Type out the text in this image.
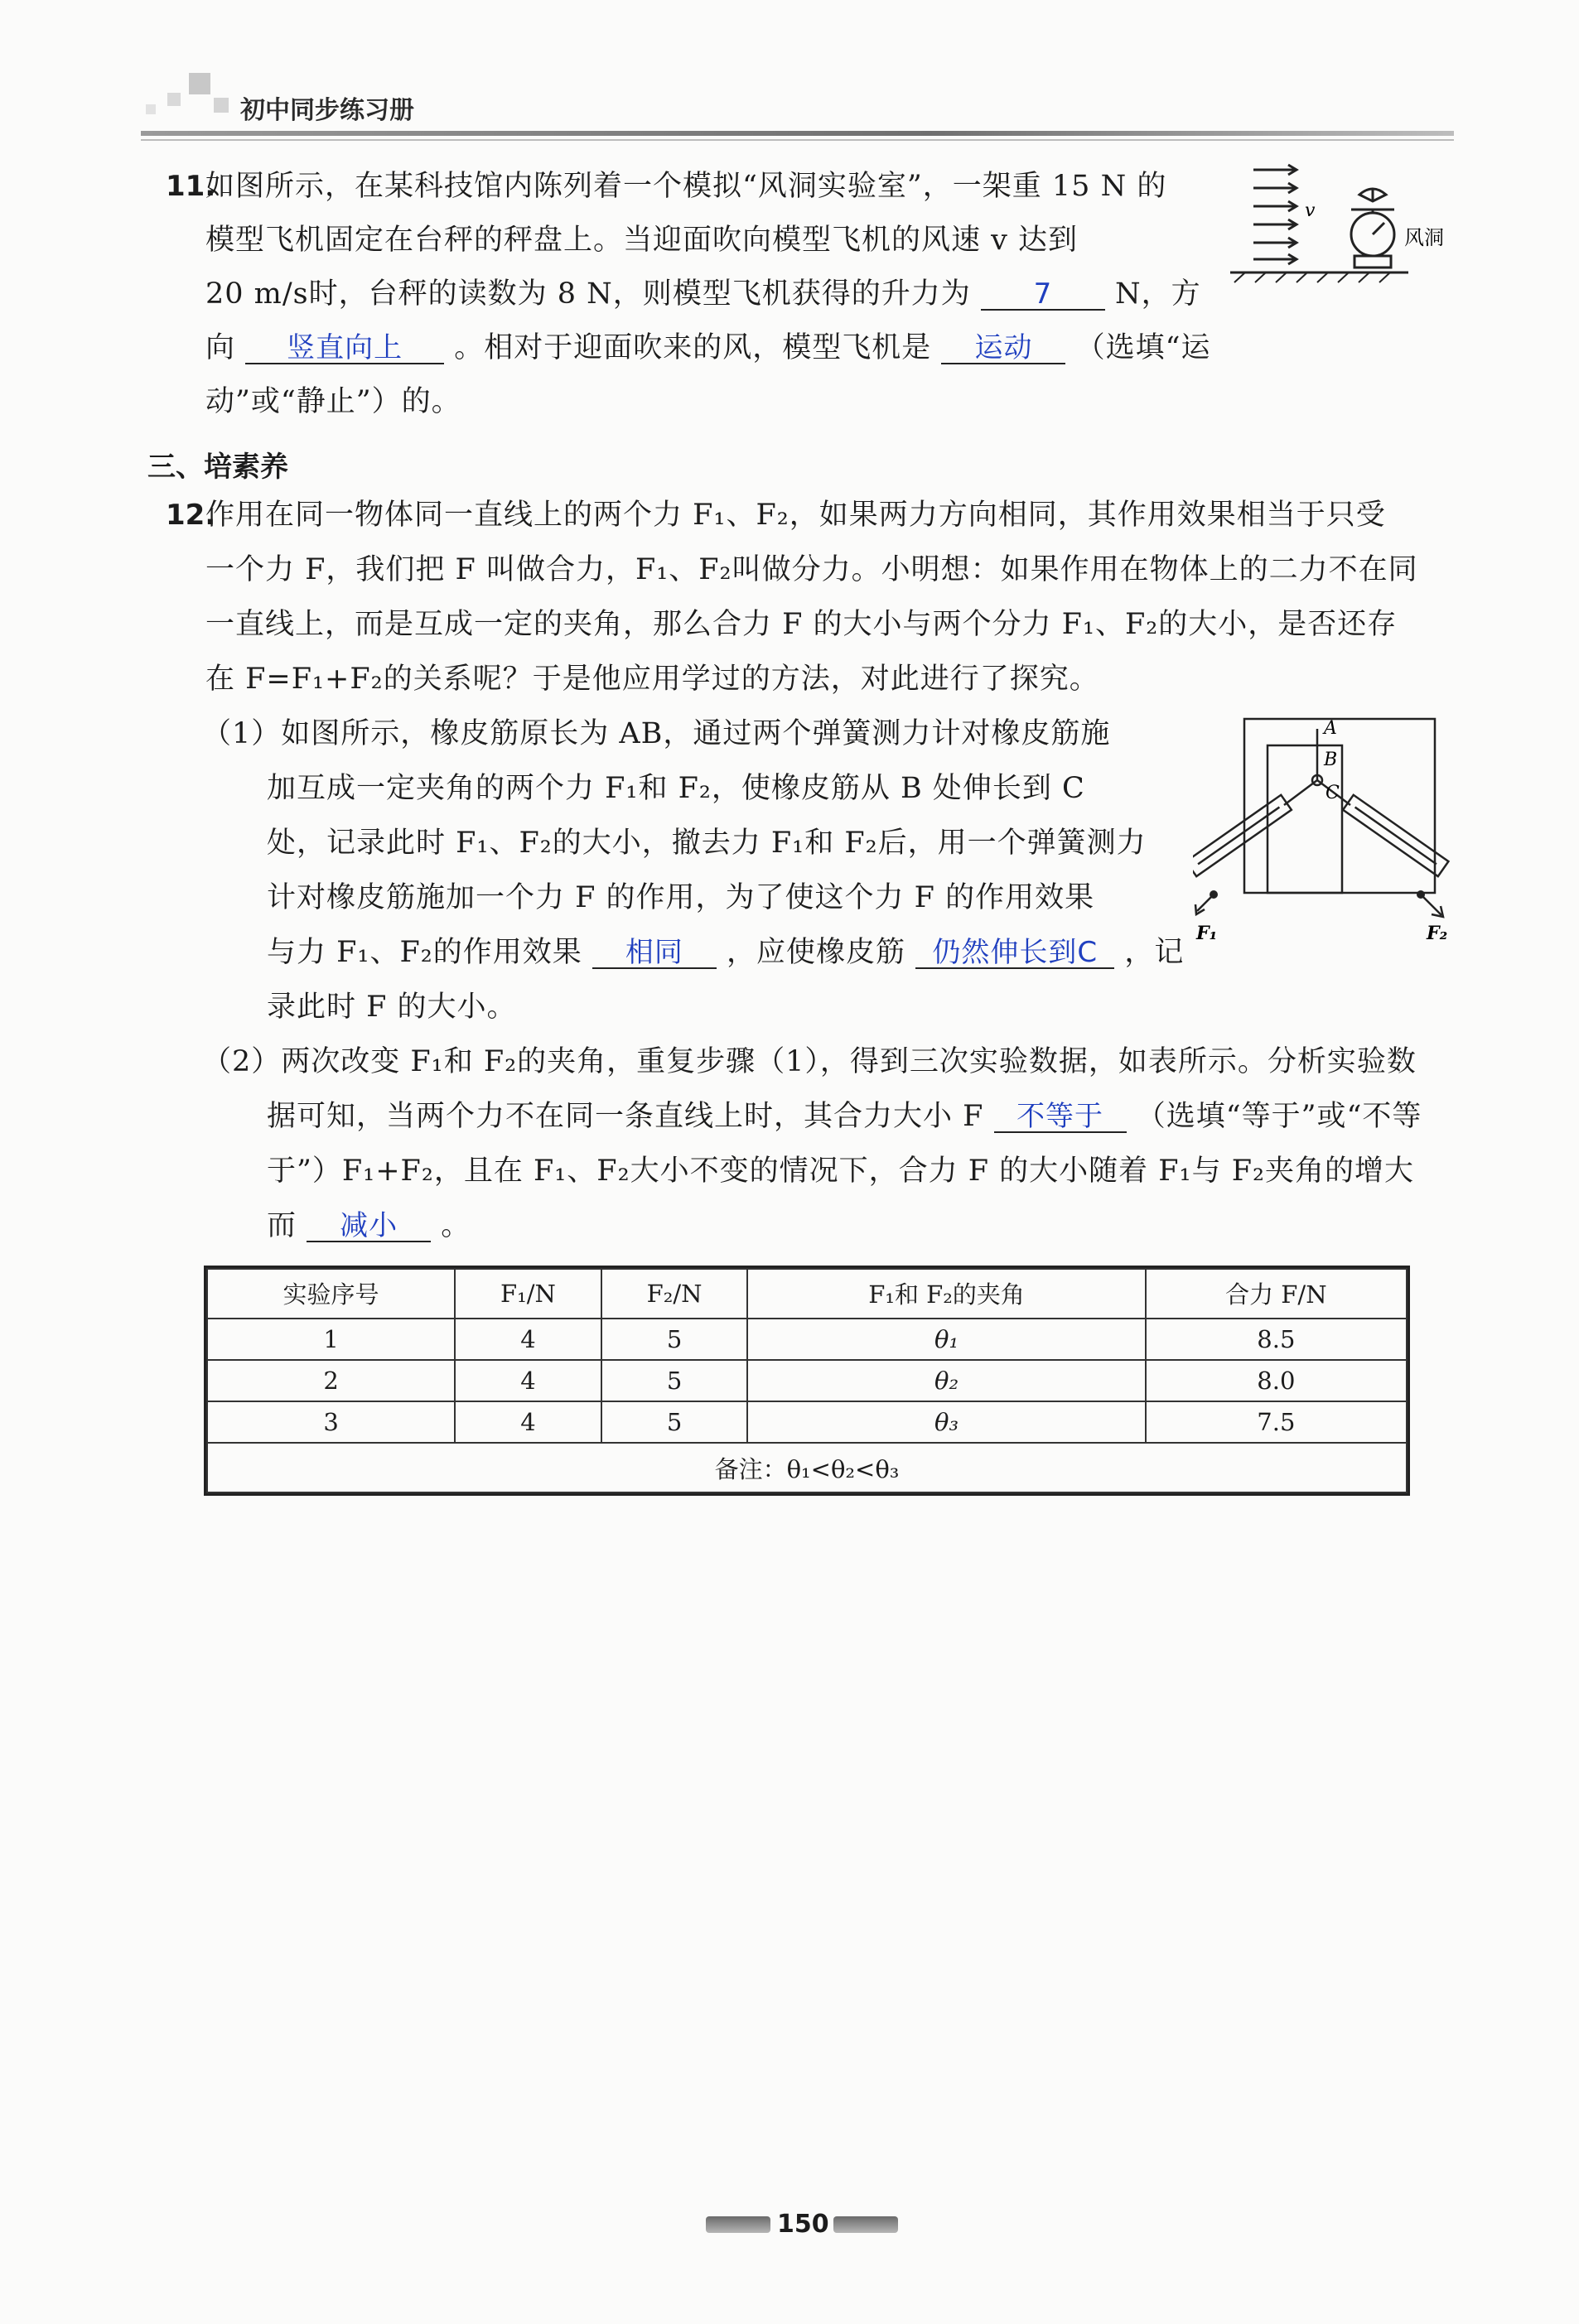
初中同步练习册
11.
如图所示，在某科技馆内陈列着一个模拟“风洞实验室”，一架重 15 N 的
模型飞机固定在台秤的秤盘上。当迎面吹向模型飞机的风速 v 达到
20 m/s时，台秤的读数为 8 N，则模型飞机获得的升力为 7 N，方
向 竖直向上 。相对于迎面吹来的风，模型飞机是 运动 （选填“运
动”或“静止”）的。
v
风洞
三、培素养
12.
作用在同一物体同一直线上的两个力 F₁、F₂，如果两力方向相同，其作用效果相当于只受
一个力 F，我们把 F 叫做合力，F₁、F₂叫做分力。小明想：如果作用在物体上的二力不在同
一直线上，而是互成一定的夹角，那么合力 F 的大小与两个分力 F₁、F₂的大小，是否还存
在 F=F₁+F₂的关系呢？于是他应用学过的方法，对此进行了探究。
（1）如图所示，橡皮筋原长为 AB，通过两个弹簧测力计对橡皮筋施
加互成一定夹角的两个力 F₁和 F₂，使橡皮筋从 B 处伸长到 C
处，记录此时 F₁、F₂的大小，撤去力 F₁和 F₂后，用一个弹簧测力
计对橡皮筋施加一个力 F 的作用，为了使这个力 F 的作用效果
与力 F₁、F₂的作用效果 相同 ，应使橡皮筋 仍然伸长到C ，记
录此时 F 的大小。
A
B
C
F₁	F₂
（2）两次改变 F₁和 F₂的夹角，重复步骤（1），得到三次实验数据，如表所示。分析实验数
据可知，当两个力不在同一条直线上时，其合力大小 F 不等于 （选填“等于”或“不等
于”）F₁+F₂，且在 F₁、F₂大小不变的情况下，合力 F 的大小随着 F₁与 F₂夹角的增大
而 减小 。
实验序号	F₁/N	F₂/N	F₁和 F₂的夹角	合力 F/N
1	4	5	θ₁	8.5
2	4	5	θ₂	8.0
3	4	5	θ₃	7.5
备注：θ₁<θ₂<θ₃				
150
